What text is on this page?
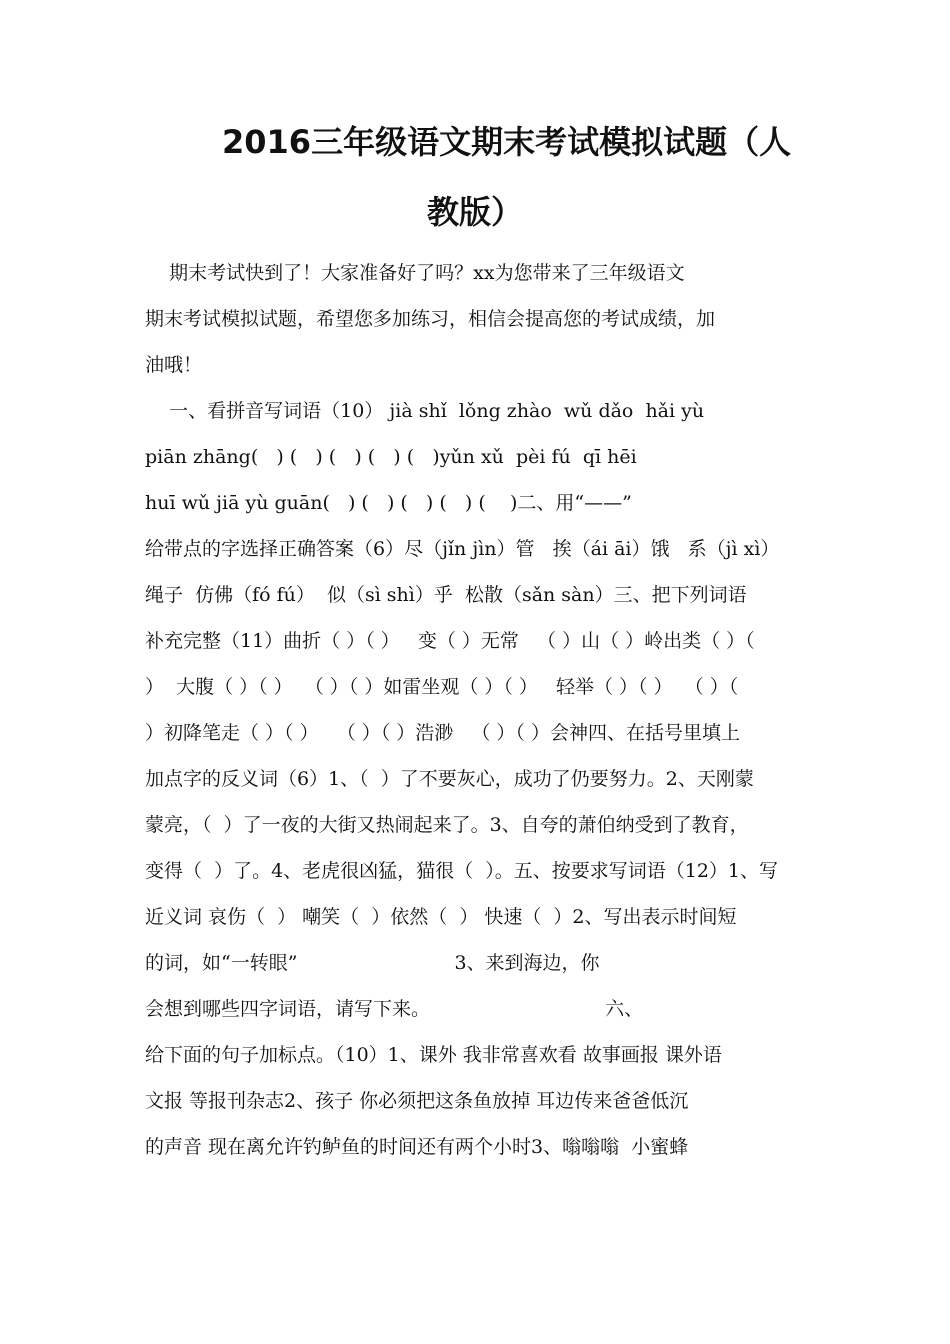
2016三年级语文期末考试模拟试题（人
教版）
期末考试快到了！大家准备好了吗？xx为您带来了三年级语文
期末考试模拟试题，希望您多加练习，相信会提高您的考试成绩，加
油哦！
一、看拼音写词语（10） jià shǐ  lǒng zhào  wǔ dǎo  hǎi yù
piān zhāng(   ) (   ) (   ) (   ) (   )yǔn xǔ  pèi fú  qī hēi
huī wǔ jiā yù guān(   ) (   ) (   ) (   ) (    )二、用“——”
给带点的字选择正确答案（6）尽（jǐn jìn）管   挨（ái āi）饿   系（jì xì）
绳子  仿佛（fó fú）  似（sì shì）乎  松散（sǎn sàn）三、把下列词语
补充完整（11）曲折（ ）（ ）   变（ ）无常   （ ）山（ ）岭出类（ ）（
）  大腹（ ）（ ）  （ ）（ ）如雷坐观（ ）（ ）   轻举（ ）（ ）  （ ）（
）初降笔走（ ）（ ）   （ ）（ ）浩渺   （ ）（ ）会神四、在括号里填上
加点字的反义词（6）1、（  ）了不要灰心，成功了仍要努力。2、天刚蒙
蒙亮，（  ）了一夜的大街又热闹起来了。3、自夸的萧伯纳受到了教育，
变得（  ）了。4、老虎很凶猛，猫很（  ）。五、按要求写词语（12）1、写
近义词 哀伤（  ） 嘲笑（  ）依然（  ） 快速（  ）2、写出表示时间短
的词，如“一转眼”                          3、来到海边，你
会想到哪些四字词语，请写下来。                             六、
给下面的句子加标点。（10）1、课外 我非常喜欢看 故事画报 课外语
文报 等报刊杂志2、孩子 你必须把这条鱼放掉 耳边传来爸爸低沉
的声音 现在离允许钓鲈鱼的时间还有两个小时3、嗡嗡嗡  小蜜蜂
